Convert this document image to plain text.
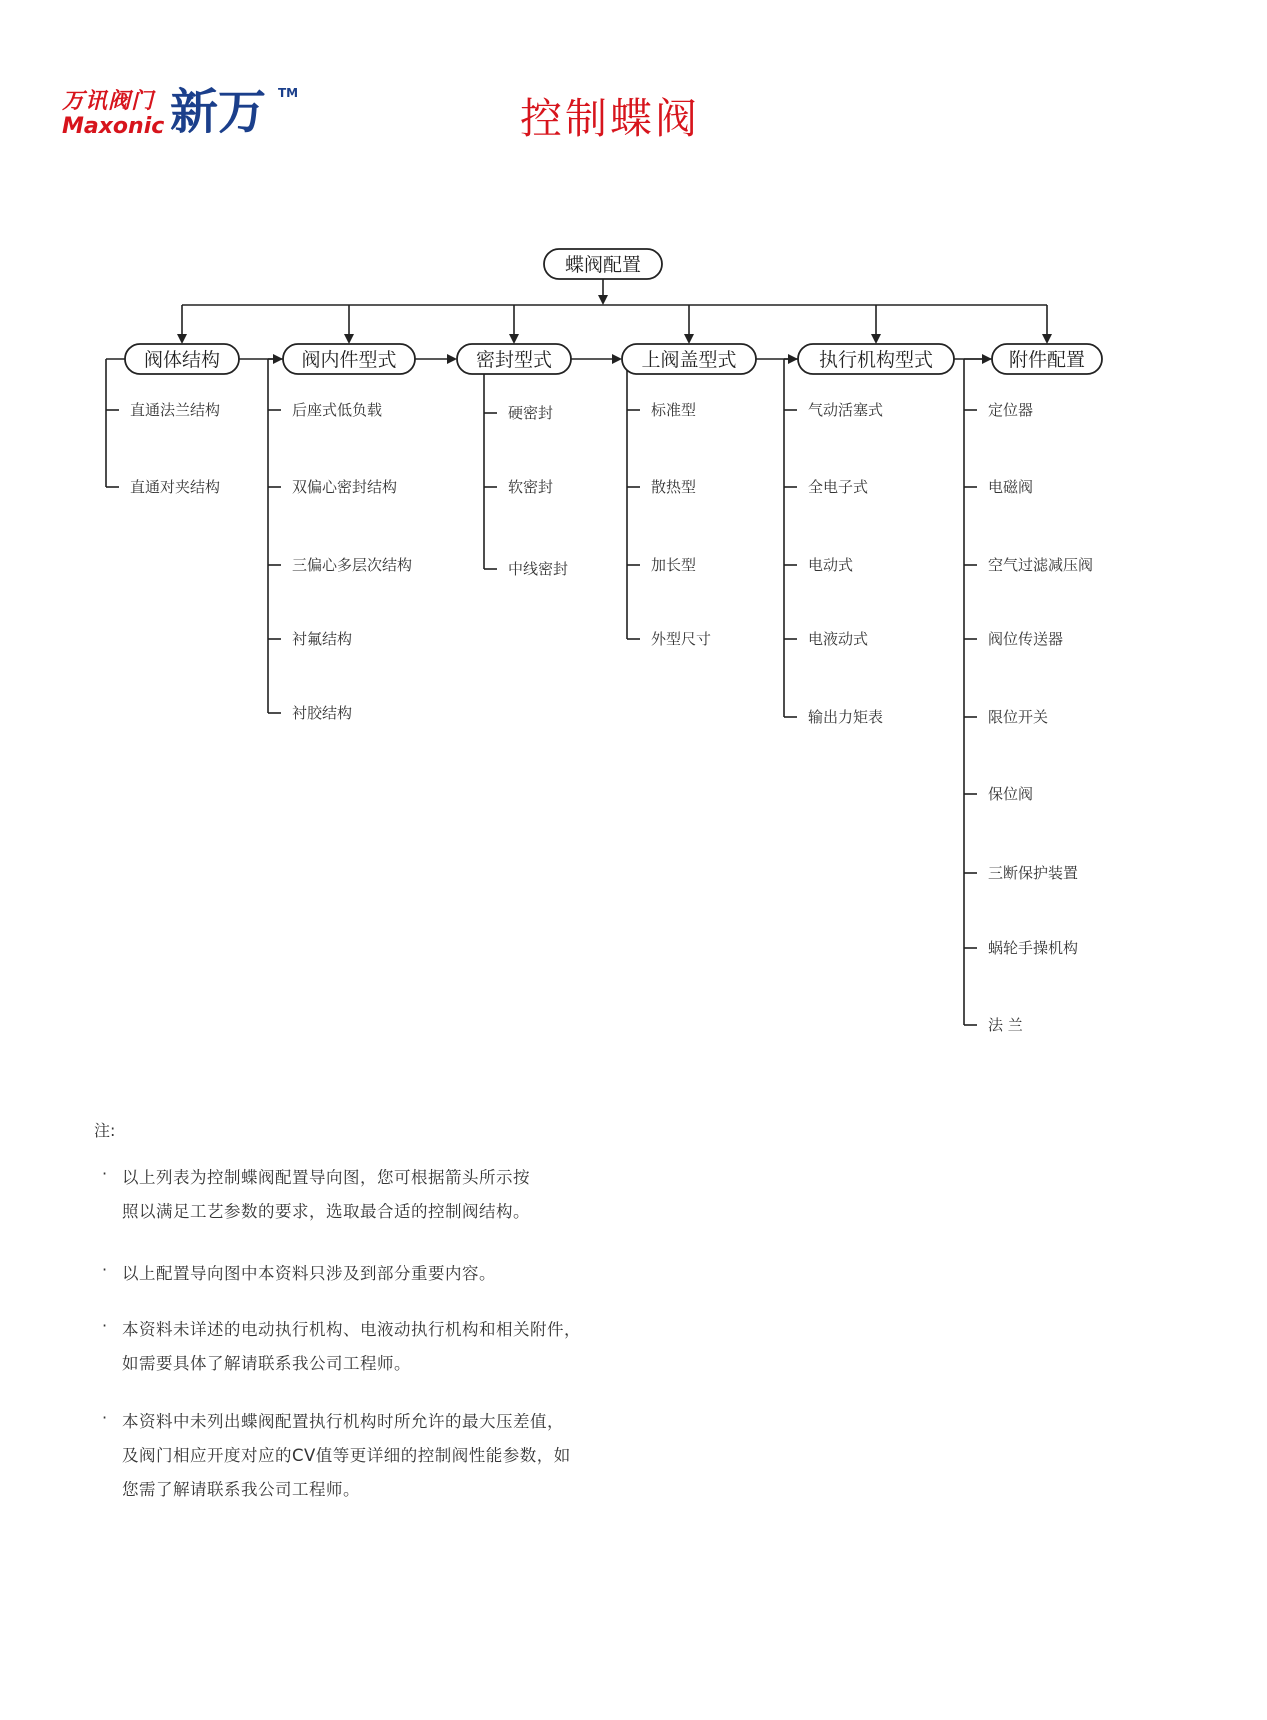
万讯阀门
Maxonic 新万 TM
控制蝶阀
蝶阀配置
阀体结构	阀内件型式	密封型式	上阀盖型式	执行机构型式	附件配置
直通法兰结构
直通对夹结构
后座式低负载
双偏心密封结构
三偏心多层次结构
衬氟结构
衬胶结构
硬密封
软密封
中线密封
标准型
散热型
加长型
外型尺寸
气动活塞式
全电子式
电动式
电液动式
输出力矩表
定位器
电磁阀
空气过滤减压阀
阀位传送器
限位开关
保位阀
三断保护装置
蜗轮手操机构
法 兰
注:
· 以上列表为控制蝶阀配置导向图，您可根据箭头所示按
照以满足工艺参数的要求，选取最合适的控制阀结构。
· 以上配置导向图中本资料只涉及到部分重要内容。
· 本资料未详述的电动执行机构、电液动执行机构和相关附件，
如需要具体了解请联系我公司工程师。
· 本资料中未列出蝶阀配置执行机构时所允许的最大压差值，
及阀门相应开度对应的CV值等更详细的控制阀性能参数，如
您需了解请联系我公司工程师。
